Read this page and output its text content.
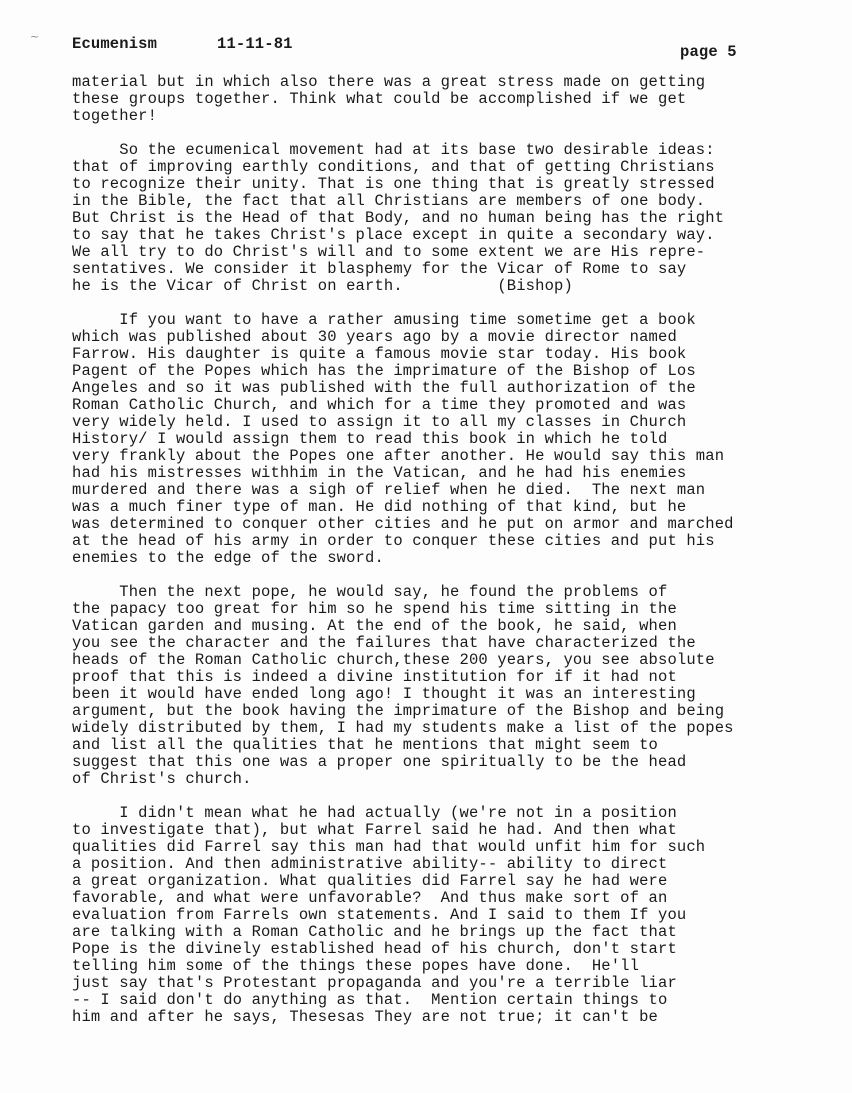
~ Ecumenism	11-11-81	page 5
material but in which also there was a great stress made on getting
these groups together. Think what could be accomplished if we get
together!
So the ecumenical movement had at its base two desirable ideas:
that of improving earthly conditions, and that of getting Christians
to recognize their unity. That is one thing that is greatly stressed
in the Bible, the fact that all Christians are members of one body.
But Christ is the Head of that Body, and no human being has the right
to say that he takes Christ's place except in quite a secondary way.
We all try to do Christ's will and to some extent we are His repre-
sentatives. We consider it blasphemy for the Vicar of Rome to say
he is the Vicar of Christ on earth.          (Bishop)
If you want to have a rather amusing time sometime get a book
which was published about 30 years ago by a movie director named
Farrow. His daughter is quite a famous movie star today. His book
Pagent of the Popes which has the imprimature of the Bishop of Los
Angeles and so it was published with the full authorization of the
Roman Catholic Church, and which for a time they promoted and was
very widely held. I used to assign it to all my classes in Church
History/ I would assign them to read this book in which he told
very frankly about the Popes one after another. He would say this man
had his mistresses withhim in the Vatican, and he had his enemies
murdered and there was a sigh of relief when he died.  The next man
was a much finer type of man. He did nothing of that kind, but he
was determined to conquer other cities and he put on armor and marched
at the head of his army in order to conquer these cities and put his
enemies to the edge of the sword.
Then the next pope, he would say, he found the problems of
the papacy too great for him so he spend his time sitting in the
Vatican garden and musing. At the end of the book, he said, when
you see the character and the failures that have characterized the
heads of the Roman Catholic church,these 200 years, you see absolute
proof that this is indeed a divine institution for if it had not
been it would have ended long ago! I thought it was an interesting
argument, but the book having the imprimature of the Bishop and being
widely distributed by them, I had my students make a list of the popes
and list all the qualities that he mentions that might seem to
suggest that this one was a proper one spiritually to be the head
of Christ's church.
I didn't mean what he had actually (we're not in a position
to investigate that), but what Farrel said he had. And then what
qualities did Farrel say this man had that would unfit him for such
a position. And then administrative ability-- ability to direct
a great organization. What qualities did Farrel say he had were
favorable, and what were unfavorable?  And thus make sort of an
evaluation from Farrels own statements. And I said to them If you
are talking with a Roman Catholic and he brings up the fact that
Pope is the divinely established head of his church, don't start
telling him some of the things these popes have done.  He'll
just say that's Protestant propaganda and you're a terrible liar
-- I said don't do anything as that.  Mention certain things to
him and after he says, Thesesas They are not true; it can't be
